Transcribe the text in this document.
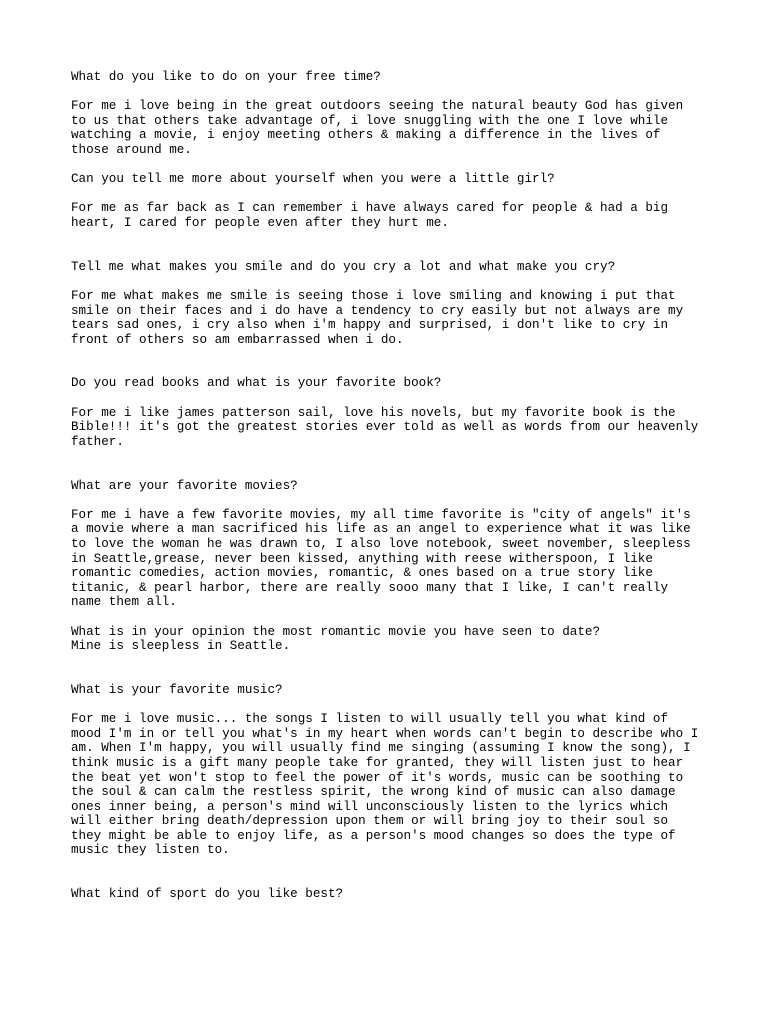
What do you like to do on your free time?

For me i love being in the great outdoors seeing the natural beauty God has given
to us that others take advantage of, i love snuggling with the one I love while
watching a movie, i enjoy meeting others & making a difference in the lives of
those around me.

Can you tell me more about yourself when you were a little girl?

For me as far back as I can remember i have always cared for people & had a big
heart, I cared for people even after they hurt me.

Tell me what makes you smile and do you cry a lot and what make you cry?

For me what makes me smile is seeing those i love smiling and knowing i put that
smile on their faces and i do have a tendency to cry easily but not always are my
tears sad ones, i cry also when i'm happy and surprised, i don't like to cry in
front of others so am embarrassed when i do.

Do you read books and what is your favorite book?

For me i like james patterson sail, love his novels, but my favorite book is the
Bible!!! it's got the greatest stories ever told as well as words from our heavenly
father.

What are your favorite movies?

For me i have a few favorite movies, my all time favorite is "city of angels" it's
a movie where a man sacrificed his life as an angel to experience what it was like
to love the woman he was drawn to, I also love notebook, sweet november, sleepless
in Seattle,grease, never been kissed, anything with reese witherspoon, I like
romantic comedies, action movies, romantic, & ones based on a true story like
titanic, & pearl harbor, there are really sooo many that I like, I can't really
name them all.

What is in your opinion the most romantic movie you have seen to date?
Mine is sleepless in Seattle.

What is your favorite music?

For me i love music... the songs I listen to will usually tell you what kind of
mood I'm in or tell you what's in my heart when words can't begin to describe who I
am. When I'm happy, you will usually find me singing (assuming I know the song), I
think music is a gift many people take for granted, they will listen just to hear
the beat yet won't stop to feel the power of it's words, music can be soothing to
the soul & can calm the restless spirit, the wrong kind of music can also damage
ones inner being, a person's mind will unconsciously listen to the lyrics which
will either bring death/depression upon them or will bring joy to their soul so
they might be able to enjoy life, as a person's mood changes so does the type of
music they listen to.

What kind of sport do you like best?
